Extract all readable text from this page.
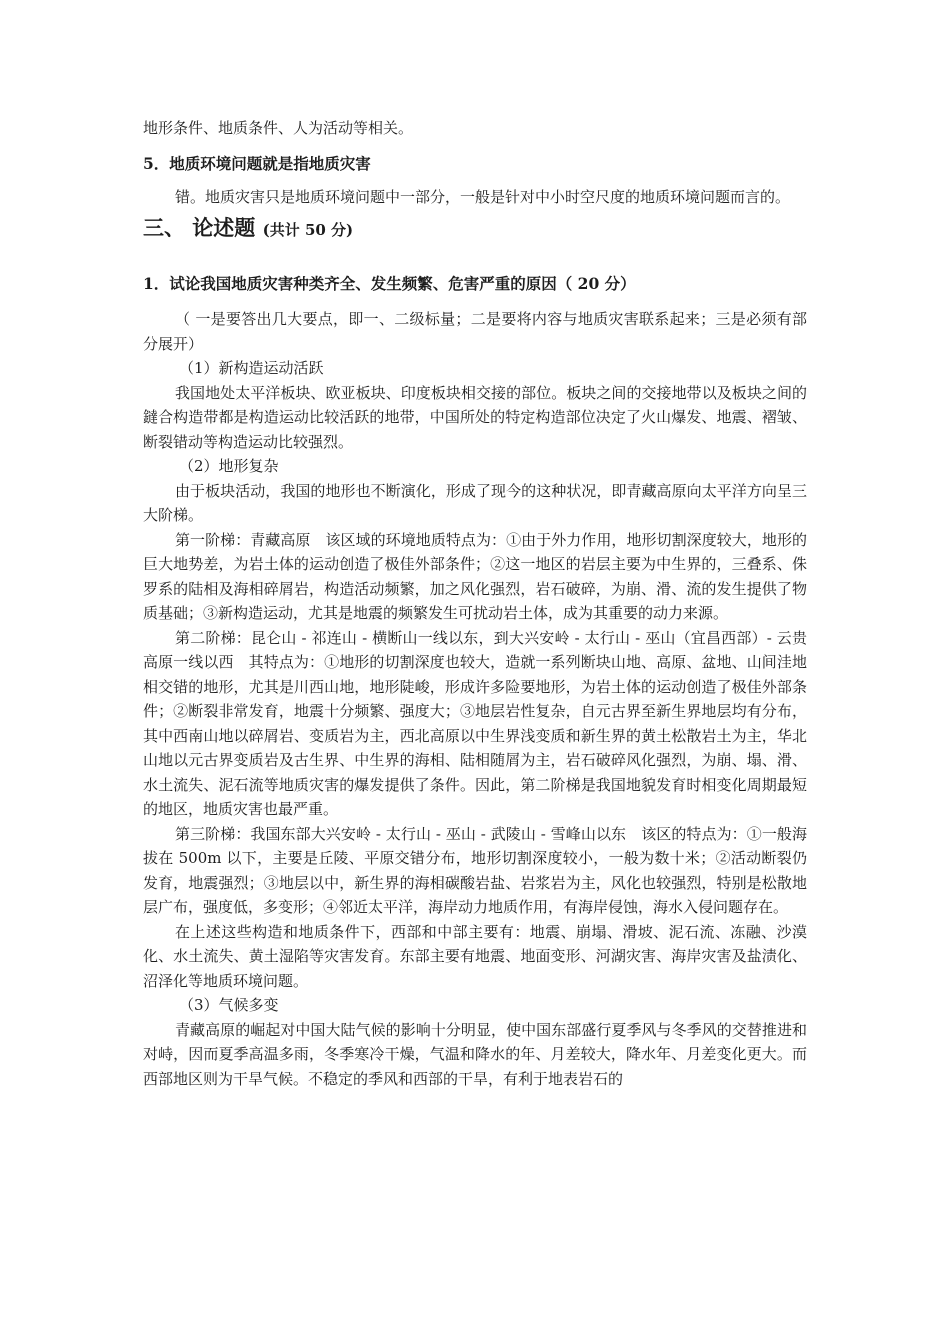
地形条件、地质条件、人为活动等相关。

5．地质环境问题就是指地质灾害

错。地质灾害只是地质环境问题中一部分，一般是针对中小时空尺度的地质环境问题而言的。

三、 论述题 (共计 50 分)

1．试论我国地质灾害种类齐全、发生频繁、危害严重的原因（ 20 分）

（ 一是要答出几大要点，即一、二级标量；二是要将内容与地质灾害联系起来；三是必须有部分展开）

（1）新构造运动活跃

我国地处太平洋板块、欧亚板块、印度板块相交接的部位。板块之间的交接地带以及板块之间的鐽合构造带都是构造运动比较活跃的地带，中国所处的特定构造部位决定了火山爆发、地震、褶皱、断裂错动等构造运动比较强烈。

（2）地形复杂

由于板块活动，我国的地形也不断演化，形成了现今的这种状况，即青藏高原向太平洋方向呈三大阶梯。

第一阶梯：青藏高原　该区域的环境地质特点为：①由于外力作用，地形切割深度较大，地形的巨大地势差，为岩土体的运动创造了极佳外部条件；②这一地区的岩层主要为中生界的，三叠系、侏罗系的陆相及海相碎屑岩，构造活动频繁，加之风化强烈，岩石破碎，为崩、滑、流的发生提供了物质基础；③新构造运动，尤其是地震的频繁发生可扰动岩土体，成为其重要的动力来源。

第二阶梯：昆仑山 - 祁连山 - 横断山一线以东，到大兴安岭 - 太行山 - 巫山（宜昌西部）- 云贵高原一线以西　其特点为：①地形的切割深度也较大，造就一系列断块山地、高原、盆地、山间洼地相交错的地形，尤其是川西山地，地形陡峻，形成许多险要地形，为岩土体的运动创造了极佳外部条件；②断裂非常发育，地震十分频繁、强度大；③地层岩性复杂，自元古界至新生界地层均有分布，其中西南山地以碎屑岩、变质岩为主，西北高原以中生界浅变质和新生界的黄土松散岩土为主，华北山地以元古界变质岩及古生界、中生界的海相、陆相随屑为主，岩石破碎风化强烈，为崩、塌、滑、水土流失、泥石流等地质灾害的爆发提供了条件。因此，第二阶梯是我国地貌发育时相变化周期最短的地区，地质灾害也最严重。

第三阶梯：我国东部大兴安岭 - 太行山 - 巫山 - 武陵山 - 雪峰山以东　该区的特点为：①一般海拔在 500m 以下，主要是丘陵、平原交错分布，地形切割深度较小，一般为数十米；②活动断裂仍发育，地震强烈；③地层以中，新生界的海相碳酸岩盐、岩浆岩为主，风化也较强烈，特别是松散地层广布，强度低，多变形；④邻近太平洋，海岸动力地质作用，有海岸侵蚀，海水入侵问题存在。

在上述这些构造和地质条件下，西部和中部主要有：地震、崩塌、滑坡、泥石流、冻融、沙漠化、水土流失、黄土湿陷等灾害发育。东部主要有地震、地面变形、河湖灾害、海岸灾害及盐渍化、沼泽化等地质环境问题。

（3）气候多变

青藏高原的崛起对中国大陆气候的影响十分明显，使中国东部盛行夏季风与冬季风的交替推进和对峙，因而夏季高温多雨，冬季寒冷干燥，气温和降水的年、月差较大，降水年、月差变化更大。而西部地区则为干旱气候。不稳定的季风和西部的干旱，有利于地表岩石的
